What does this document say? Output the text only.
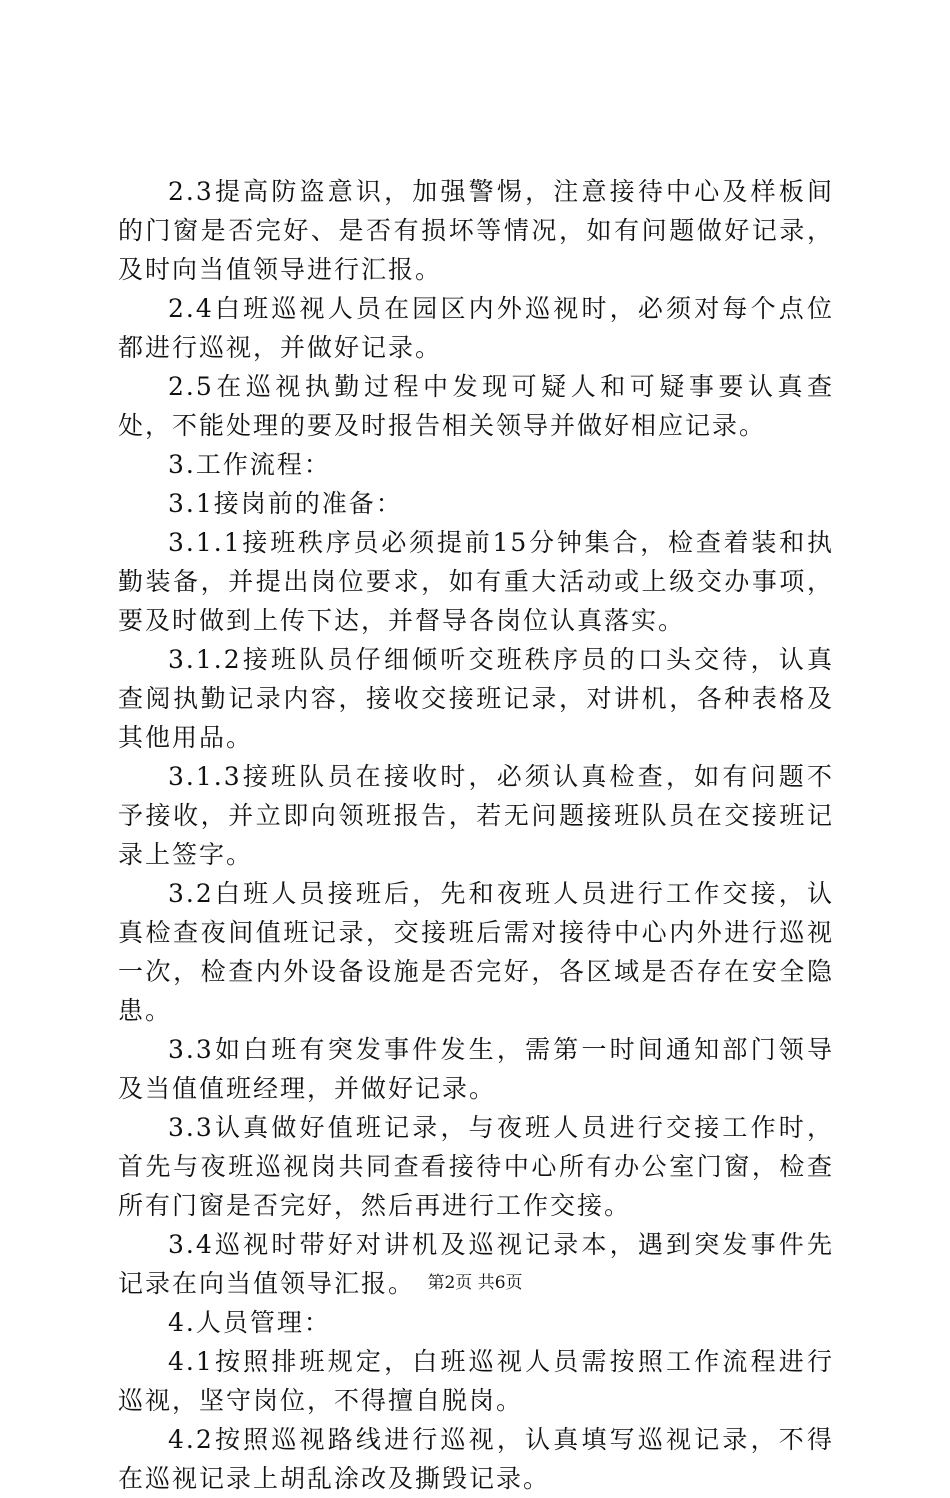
2.3提高防盗意识，加强警惕，注意接待中心及样板间的门窗是否完好、是否有损坏等情况，如有问题做好记录，及时向当值领导进行汇报。

2.4白班巡视人员在园区内外巡视时，必须对每个点位都进行巡视，并做好记录。

2.5在巡视执勤过程中发现可疑人和可疑事要认真查处，不能处理的要及时报告相关领导并做好相应记录。

3.工作流程：

3.1接岗前的准备：

3.1.1接班秩序员必须提前15分钟集合，检查着装和执勤装备，并提出岗位要求，如有重大活动或上级交办事项，要及时做到上传下达，并督导各岗位认真落实。

3.1.2接班队员仔细倾听交班秩序员的口头交待，认真查阅执勤记录内容，接收交接班记录，对讲机，各种表格及其他用品。

3.1.3接班队员在接收时，必须认真检查，如有问题不予接收，并立即向领班报告，若无问题接班队员在交接班记录上签字。

3.2白班人员接班后，先和夜班人员进行工作交接，认真检查夜间值班记录，交接班后需对接待中心内外进行巡视一次，检查内外设备设施是否完好，各区域是否存在安全隐患。

3.3如白班有突发事件发生，需第一时间通知部门领导及当值值班经理，并做好记录。

3.3认真做好值班记录，与夜班人员进行交接工作时，首先与夜班巡视岗共同查看接待中心所有办公室门窗，检查所有门窗是否完好，然后再进行工作交接。

3.4巡视时带好对讲机及巡视记录本，遇到突发事件先记录在向当值领导汇报。

4.人员管理：

4.1按照排班规定，白班巡视人员需按照工作流程进行巡视，坚守岗位，不得擅自脱岗。

4.2按照巡视路线进行巡视，认真填写巡视记录，不得在巡视记录上胡乱涂改及撕毁记录。

第2页 共6页
